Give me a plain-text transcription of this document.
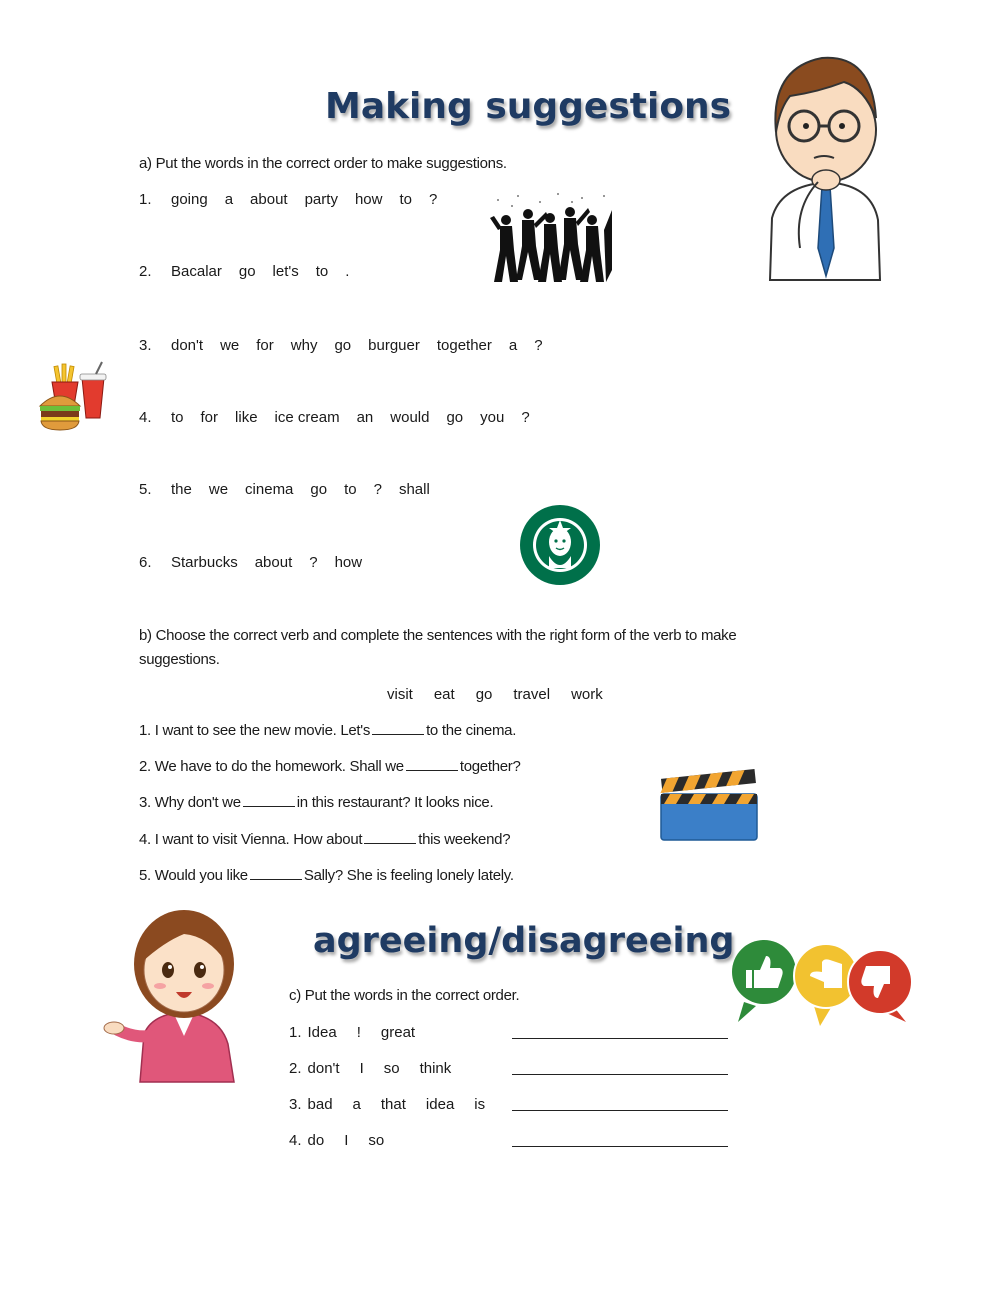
Making suggestions
a) Put the words in the correct order to make suggestions.
1. going a about party how to ?
2. Bacalar go let's to .
3. don't we for why go burguer together a ?
4. to for like ice cream an would go you ?
5. the we cinema go to ? shall
6. Starbucks about ? how
b) Choose the correct verb and complete the sentences with the right form of the verb to make
suggestions.
visit eat go travel work
1. I want to see the new movie. Let's	to the cinema.
2. We have to do the homework. Shall we	together?
3. Why don't we	in this restaurant? It looks nice.
4. I want to visit Vienna. How about	this weekend?
5. Would you like	Sally? She is feeling lonely lately.
agreeing/disagreeing
c) Put the words in the correct order.
1. Idea ! great
2. don't I so think
3. bad a that idea is
4. do I so
